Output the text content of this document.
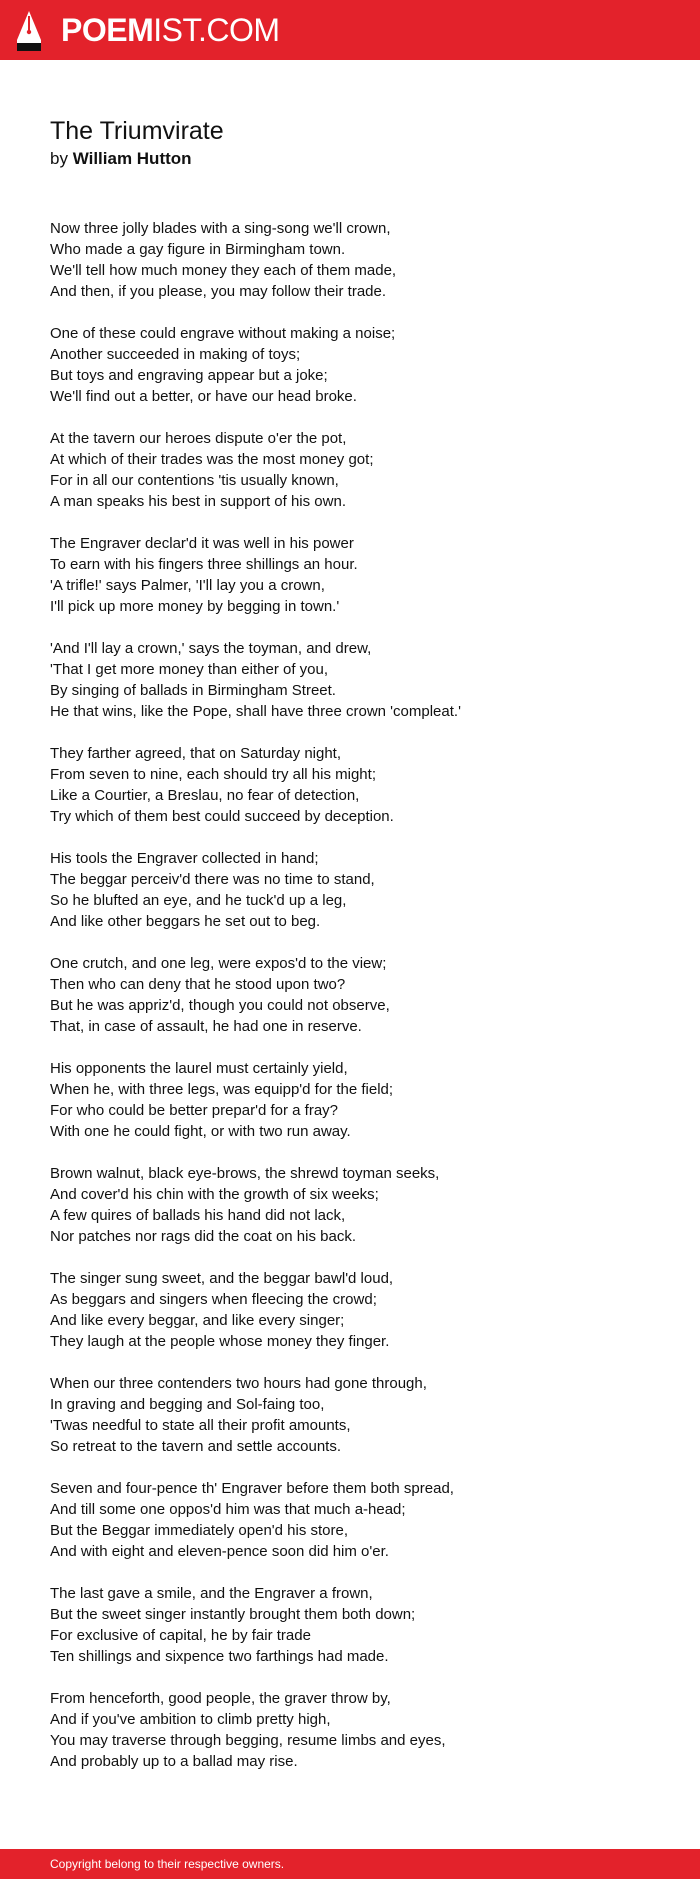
POEMIST.COM
The Triumvirate
by William Hutton
Now three jolly blades with a sing-song we'll crown,
Who made a gay figure in Birmingham town.
We'll tell how much money they each of them made,
And then, if you please, you may follow their trade.
One of these could engrave without making a noise;
Another succeeded in making of toys;
But toys and engraving appear but a joke;
We'll find out a better, or have our head broke.
At the tavern our heroes dispute o'er the pot,
At which of their trades was the most money got;
For in all our contentions 'tis usually known,
A man speaks his best in support of his own.
The Engraver declar'd it was well in his power
To earn with his fingers three shillings an hour.
'A trifle!' says Palmer, 'I'll lay you a crown,
I'll pick up more money by begging in town.'
'And I'll lay a crown,' says the toyman, and drew,
'That I get more money than either of you,
By singing of ballads in Birmingham Street.
He that wins, like the Pope, shall have three crown 'compleat.'
They farther agreed, that on Saturday night,
From seven to nine, each should try all his might;
Like a Courtier, a Breslau, no fear of detection,
Try which of them best could succeed by deception.
His tools the Engraver collected in hand;
The beggar perceiv'd there was no time to stand,
So he blufted an eye, and he tuck'd up a leg,
And like other beggars he set out to beg.
One crutch, and one leg, were expos'd to the view;
Then who can deny that he stood upon two?
But he was appriz'd, though you could not observe,
That, in case of assault, he had one in reserve.
His opponents the laurel must certainly yield,
When he, with three legs, was equipp'd for the field;
For who could be better prepar'd for a fray?
With one he could fight, or with two run away.
Brown walnut, black eye-brows, the shrewd toyman seeks,
And cover'd his chin with the growth of six weeks;
A few quires of ballads his hand did not lack,
Nor patches nor rags did the coat on his back.
The singer sung sweet, and the beggar bawl'd loud,
As beggars and singers when fleecing the crowd;
And like every beggar, and like every singer;
They laugh at the people whose money they finger.
When our three contenders two hours had gone through,
In graving and begging and Sol-faing too,
'Twas needful to state all their profit amounts,
So retreat to the tavern and settle accounts.
Seven and four-pence th' Engraver before them both spread,
And till some one oppos'd him was that much a-head;
But the Beggar immediately open'd his store,
And with eight and eleven-pence soon did him o'er.
The last gave a smile, and the Engraver a frown,
But the sweet singer instantly brought them both down;
For exclusive of capital, he by fair trade
Ten shillings and sixpence two farthings had made.
From henceforth, good people, the graver throw by,
And if you've ambition to climb pretty high,
You may traverse through begging, resume limbs and eyes,
And probably up to a ballad may rise.
Copyright belong to their respective owners.
